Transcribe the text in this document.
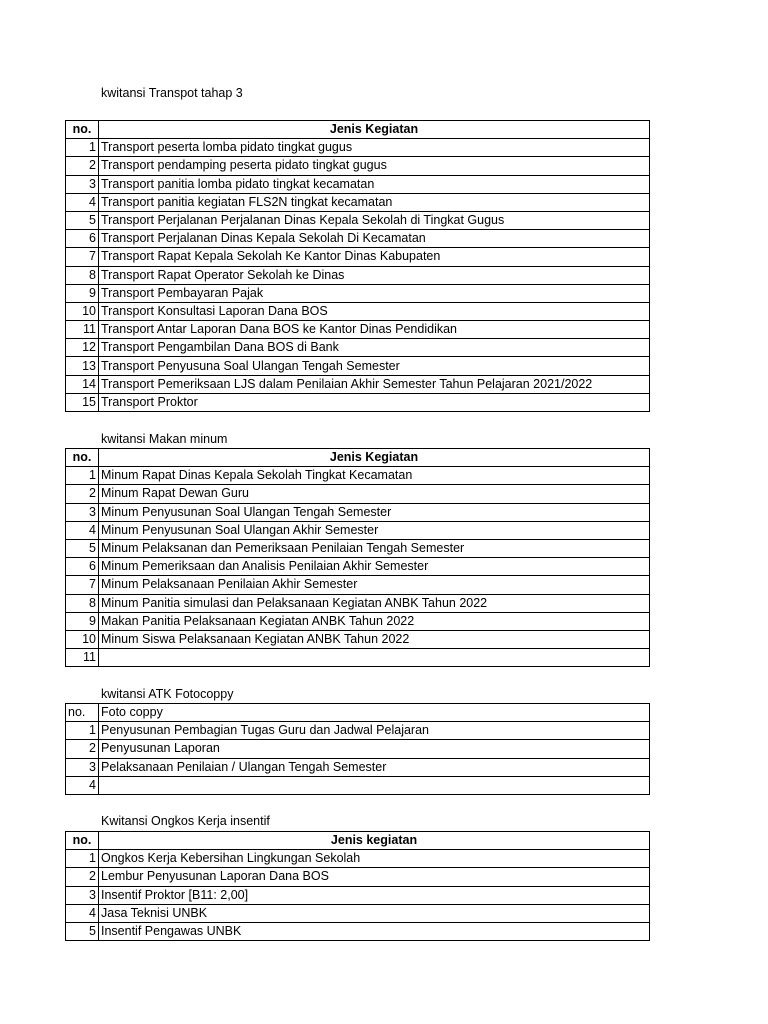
kwitansi Transpot tahap 3
no.	Jenis Kegiatan
1	Transport peserta lomba pidato tingkat gugus
2	Transport pendamping peserta pidato tingkat gugus
3	Transport panitia lomba pidato tingkat kecamatan
4	Transport panitia kegiatan FLS2N tingkat kecamatan
5	Transport Perjalanan Perjalanan Dinas Kepala Sekolah di Tingkat Gugus
6	Transport Perjalanan Dinas Kepala Sekolah Di Kecamatan
7	Transport Rapat Kepala Sekolah Ke Kantor Dinas Kabupaten
8	Transport Rapat Operator Sekolah ke Dinas
9	Transport Pembayaran Pajak
10	Transport Konsultasi Laporan Dana BOS
11	Transport Antar Laporan Dana BOS ke Kantor Dinas Pendidikan
12	Transport Pengambilan Dana BOS di Bank
13	Transport Penyusuna Soal Ulangan Tengah Semester
14	Transport Pemeriksaan LJS dalam Penilaian Akhir Semester Tahun Pelajaran 2021/2022
15	Transport Proktor
kwitansi Makan minum
no.	Jenis Kegiatan
1	Minum Rapat Dinas Kepala Sekolah Tingkat Kecamatan
2	Minum Rapat Dewan Guru
3	Minum Penyusunan Soal Ulangan Tengah Semester
4	Minum Penyusunan Soal Ulangan Akhir Semester
5	Minum Pelaksanan dan Pemeriksaan Penilaian Tengah Semester
6	Minum Pemeriksaan dan Analisis Penilaian Akhir Semester
7	Minum Pelaksanaan Penilaian Akhir Semester
8	Minum Panitia simulasi dan Pelaksanaan Kegiatan ANBK Tahun 2022
9	Makan Panitia Pelaksanaan Kegiatan ANBK Tahun 2022
10	Minum Siswa Pelaksanaan Kegiatan ANBK Tahun 2022
11	
kwitansi ATK Fotocoppy
no.	Foto coppy
1	Penyusunan Pembagian Tugas Guru dan Jadwal Pelajaran
2	Penyusunan Laporan
3	Pelaksanaan Penilaian / Ulangan Tengah Semester
4	
Kwitansi Ongkos Kerja insentif
no.	Jenis kegiatan
1	Ongkos Kerja Kebersihan Lingkungan Sekolah
2	Lembur Penyusunan Laporan Dana BOS
3	Insentif Proktor [B11: 2,00]
4	Jasa Teknisi UNBK
5	Insentif Pengawas UNBK
